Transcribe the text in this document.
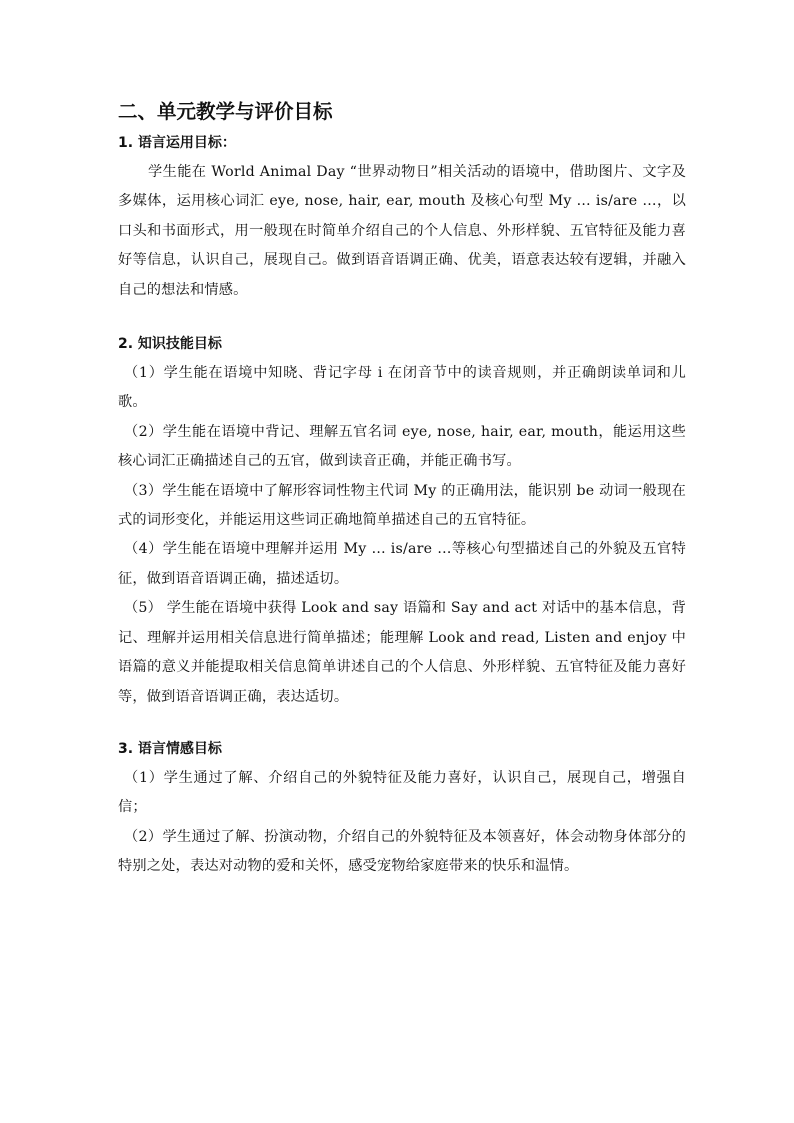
二、单元教学与评价目标

1. 语言运用目标：

学生能在 World Animal Day “世界动物日”相关活动的语境中，借助图片、文字及多媒体，运用核心词汇 eye, nose, hair, ear, mouth 及核心句型 My … is/are …，以口头和书面形式，用一般现在时简单介绍自己的个人信息、外形样貌、五官特征及能力喜好等信息，认识自己，展现自己。做到语音语调正确、优美，语意表达较有逻辑，并融入自己的想法和情感。

2. 知识技能目标

（1）学生能在语境中知晓、背记字母 i 在闭音节中的读音规则，并正确朗读单词和儿歌。

（2）学生能在语境中背记、理解五官名词 eye, nose, hair, ear, mouth，能运用这些核心词汇正确描述自己的五官，做到读音正确，并能正确书写。

（3）学生能在语境中了解形容词性物主代词 My 的正确用法，能识别 be 动词一般现在式的词形变化，并能运用这些词正确地简单描述自己的五官特征。

（4）学生能在语境中理解并运用 My … is/are …等核心句型描述自己的外貌及五官特征，做到语音语调正确，描述适切。

（5） 学生能在语境中获得 Look and say 语篇和 Say and act 对话中的基本信息，背记、理解并运用相关信息进行简单描述；能理解 Look and read, Listen and enjoy 中语篇的意义并能提取相关信息简单讲述自己的个人信息、外形样貌、五官特征及能力喜好等，做到语音语调正确，表达适切。

3. 语言情感目标

（1）学生通过了解、介绍自己的外貌特征及能力喜好，认识自己，展现自己，增强自信；

（2）学生通过了解、扮演动物，介绍自己的外貌特征及本领喜好，体会动物身体部分的特别之处，表达对动物的爱和关怀，感受宠物给家庭带来的快乐和温情。
